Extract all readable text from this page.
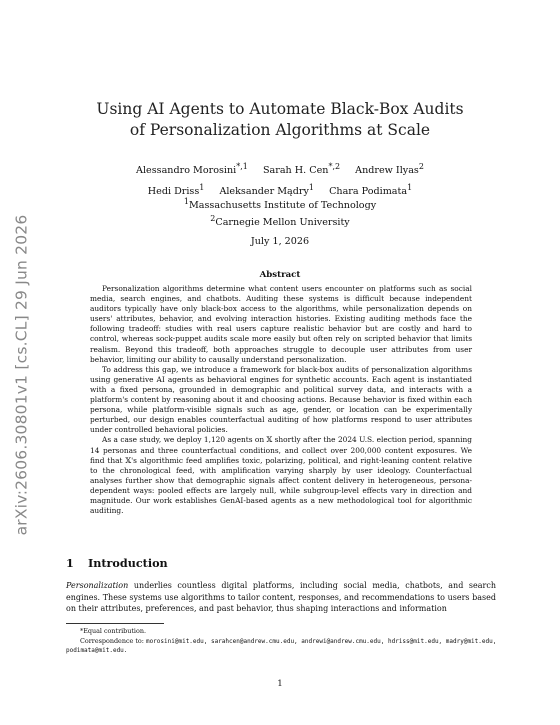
arXiv:2606.30801v1 [cs.CL] 29 Jun 2026
Using AI Agents to Automate Black-Box Audits
of Personalization Algorithms at Scale
Alessandro Morosini$^{*,1}$ Sarah H. Cen$^{*,2}$ Andrew Ilyas$^2$
Hedi Driss$^1$ Aleksander Mądry$^1$ Chara Podimata$^1$
$^1$Massachusetts Institute of Technology
$^2$Carnegie Mellon University
July 1, 2026
Abstract

Personalization algorithms determine what content users encounter on platforms such as social media, search engines, and chatbots. Auditing these systems is difficult because independent auditors typically have only black-box access to the algorithms, while personalization depends on users' attributes, behavior, and evolving interaction histories. Existing auditing methods face the following tradeoff: studies with real users capture realistic behavior but are costly and hard to control, whereas sock-puppet audits scale more easily but often rely on scripted behavior that limits realism. Beyond this tradeoff, both approaches struggle to decouple user attributes from user behavior, limiting our ability to causally understand personalization.

To address this gap, we introduce a framework for black-box audits of personalization algorithms using generative AI agents as behavioral engines for synthetic accounts. Each agent is instantiated with a fixed persona, grounded in demographic and political survey data, and interacts with a platform's content by reasoning about it and choosing actions. Because behavior is fixed within each persona, while platform-visible signals such as age, gender, or location can be experimentally perturbed, our design enables counterfactual auditing of how platforms respond to user attributes under controlled behavioral policies.

As a case study, we deploy 1,120 agents on 𝕏 shortly after the 2024 U.S. election period, spanning 14 personas and three counterfactual conditions, and collect over 200,000 content exposures. We find that 𝕏's algorithmic feed amplifies toxic, polarizing, political, and right-leaning content relative to the chronological feed, with amplification varying sharply by user ideology. Counterfactual analyses further show that demographic signals affect content delivery in heterogeneous, persona-dependent ways: pooled effects are largely null, while subgroup-level effects vary in direction and magnitude. Our work establishes GenAI-based agents as a new methodological tool for algorithmic auditing.

1 Introduction

Personalization underlies countless digital platforms, including social media, chatbots, and search engines. These systems use algorithms to tailor content, responses, and recommendations to users based on their attributes, preferences, and past behavior, thus shaping interactions and information

*Equal contribution.

Correspondence to: morosini@mit.edu, sarahcen@andrew.cmu.edu, andrewi@andrew.cmu.edu, hdriss@mit.edu, madry@mit.edu, podimata@mit.edu.

1
